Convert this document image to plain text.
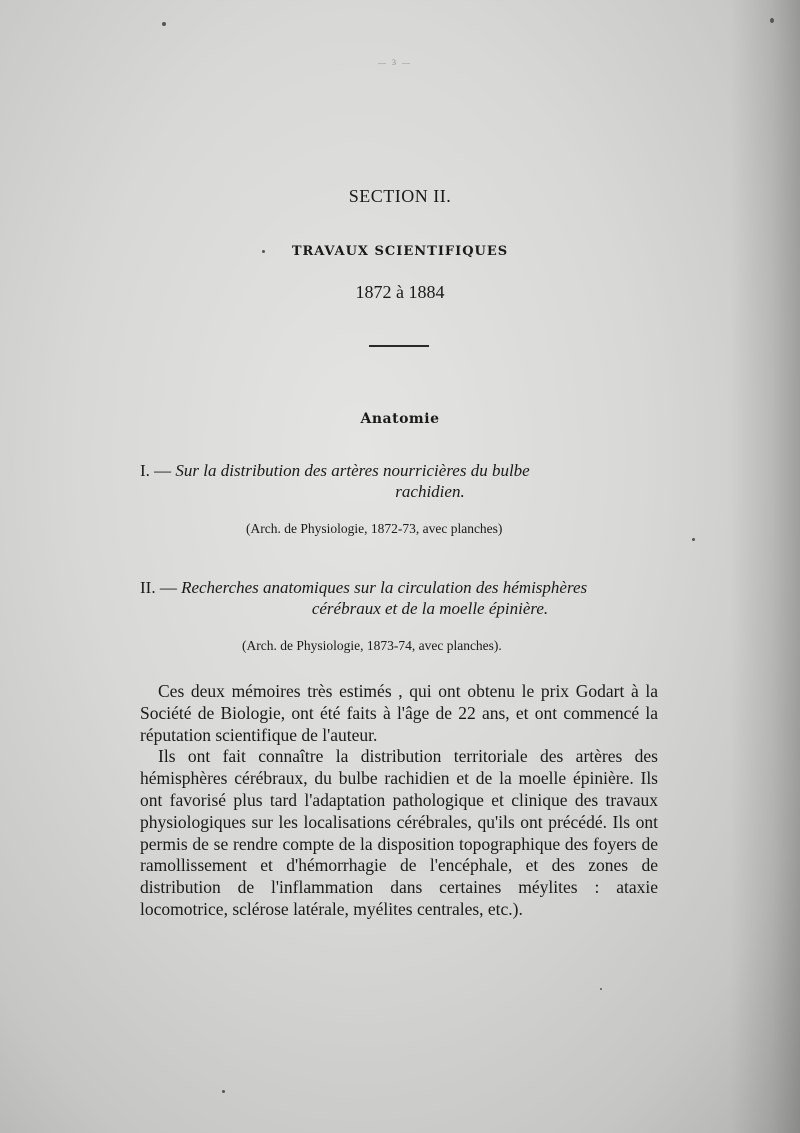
— 3 —
SECTION II.
TRAVAUX SCIENTIFIQUES
1872 à 1884
Anatomie
I. — Sur la distribution des artères nourricières du bulbe
rachidien.
(Arch. de Physiologie, 1872-73, avec planches)
II. — Recherches anatomiques sur la circulation des hémisphères
cérébraux et de la moelle épinière.
(Arch. de Physiologie, 1873-74, avec planches).

Ces deux mémoires très estimés , qui ont obtenu le prix Godart à la Société de Biologie, ont été faits à l'âge de 22 ans, et ont commencé la réputation scientifique de l'auteur.

Ils ont fait connaître la distribution territoriale des artères des hémisphères cérébraux, du bulbe rachidien et de la moelle épinière. Ils ont favorisé plus tard l'adaptation pathologique et clinique des travaux physiologiques sur les localisations cérébrales, qu'ils ont précédé. Ils ont permis de se rendre compte de la disposition topographique des foyers de ramollissement et d'hémorrhagie de l'encéphale, et des zones de distribution de l'inflammation dans certaines méylites : ataxie locomotrice, sclérose latérale, myélites centrales, etc.).
